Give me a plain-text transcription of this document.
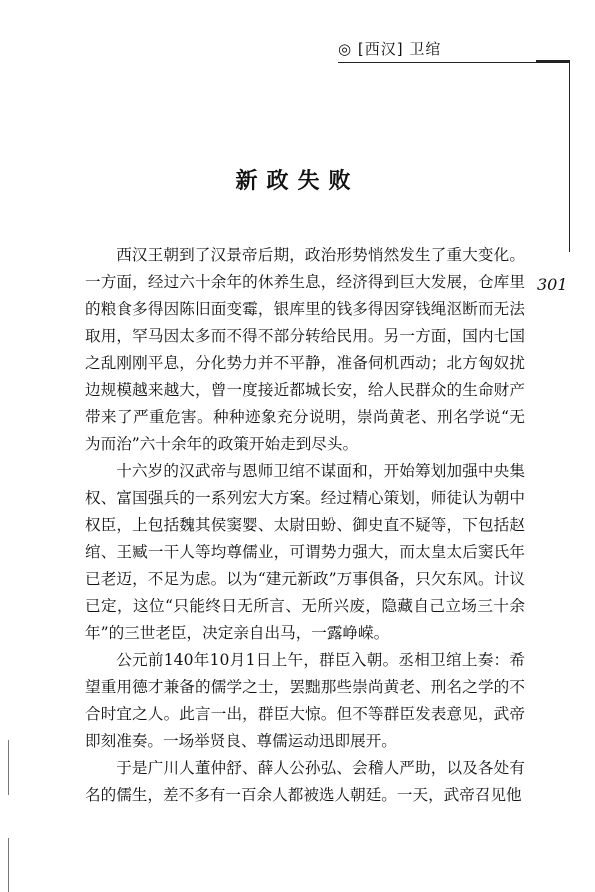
◎ [西汉] 卫绾
301
新政失败

西汉王朝到了汉景帝后期，政治形势悄然发生了重大变化。一方面，经过六十余年的休养生息，经济得到巨大发展，仓库里的粮食多得因陈旧面变霉，银库里的钱多得因穿钱绳沤断而无法取用，罕马因太多而不得不部分转给民用。另一方面，国内七国之乱刚刚平息，分化势力并不平静，准备伺机西动；北方匈奴扰边规模越来越大，曾一度接近都城长安，给人民群众的生命财产带来了严重危害。种种迹象充分说明，崇尚黄老、刑名学说“无为而治”六十余年的政策开始走到尽头。

十六岁的汉武帝与恩师卫绾不谋面和，开始筹划加强中央集权、富国强兵的一系列宏大方案。经过精心策划，师徒认为朝中权臣，上包括魏其侯窦婴、太尉田蚡、御史直不疑等，下包括赵绾、王臧一干人等均尊儒业，可谓势力强大，而太皇太后窦氏年已老迈，不足为虑。以为“建元新政”万事俱备，只欠东风。计议已定，这位“只能终日无所言、无所兴废，隐藏自己立场三十余年”的三世老臣，决定亲自出马，一露峥嵘。

公元前140年10月1日上午，群臣入朝。丞相卫绾上奏：希望重用德才兼备的儒学之士，罢黜那些崇尚黄老、刑名之学的不合时宜之人。此言一出，群臣大惊。但不等群臣发表意见，武帝即刻准奏。一场举贤良、尊儒运动迅即展开。

于是广川人董仲舒、薛人公孙弘、会稽人严助，以及各处有名的儒生，差不多有一百余人都被选人朝廷。一天，武帝召见他
